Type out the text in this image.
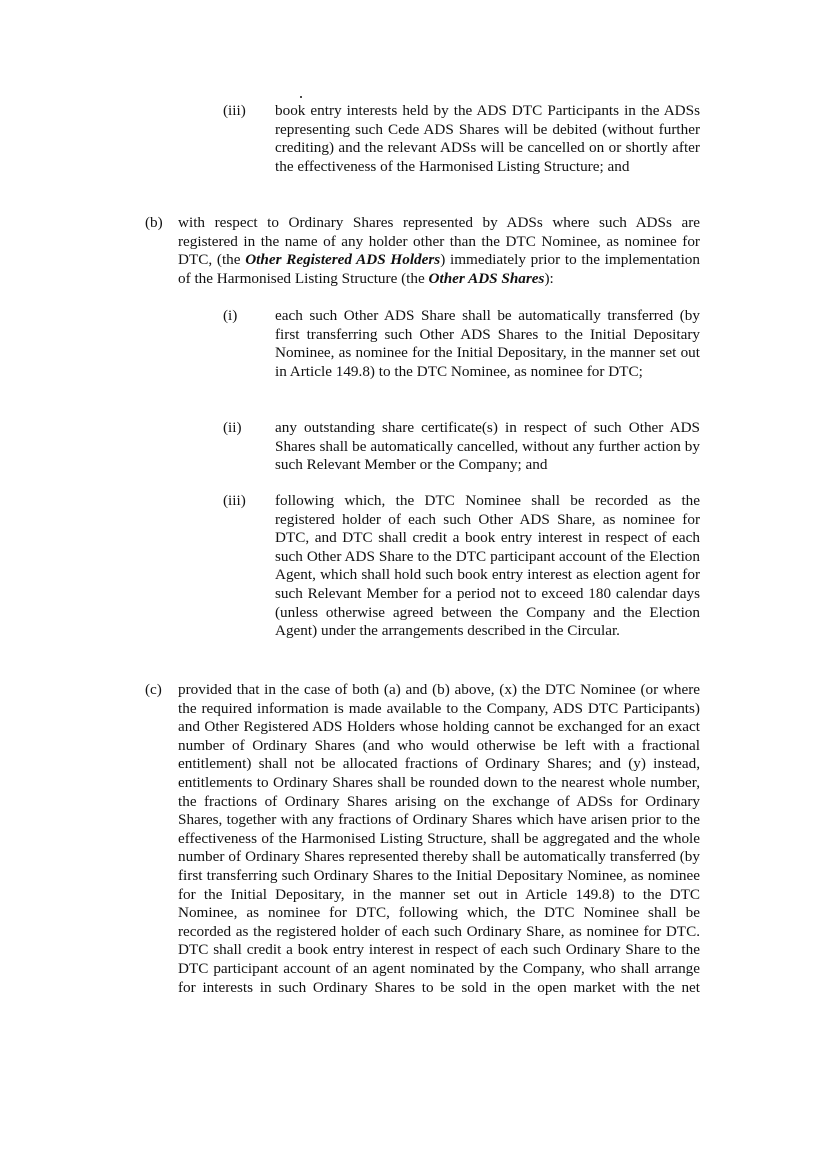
(iii) book entry interests held by the ADS DTC Participants in the ADSs representing such Cede ADS Shares will be debited (without further crediting) and the relevant ADSs will be cancelled on or shortly after the effectiveness of the Harmonised Listing Structure; and

(b) with respect to Ordinary Shares represented by ADSs where such ADSs are registered in the name of any holder other than the DTC Nominee, as nominee for DTC, (the Other Registered ADS Holders) immediately prior to the implementation of the Harmonised Listing Structure (the Other ADS Shares):

(i) each such Other ADS Share shall be automatically transferred (by first transferring such Other ADS Shares to the Initial Depositary Nominee, as nominee for the Initial Depositary, in the manner set out in Article 149.8) to the DTC Nominee, as nominee for DTC;

(ii) any outstanding share certificate(s) in respect of such Other ADS Shares shall be automatically cancelled, without any further action by such Relevant Member or the Company; and

(iii) following which, the DTC Nominee shall be recorded as the registered holder of each such Other ADS Share, as nominee for DTC, and DTC shall credit a book entry interest in respect of each such Other ADS Share to the DTC participant account of the Election Agent, which shall hold such book entry interest as election agent for such Relevant Member for a period not to exceed 180 calendar days (unless otherwise agreed between the Company and the Election Agent) under the arrangements described in the Circular.

(c) provided that in the case of both (a) and (b) above, (x) the DTC Nominee (or where the required information is made available to the Company, ADS DTC Participants) and Other Registered ADS Holders whose holding cannot be exchanged for an exact number of Ordinary Shares (and who would otherwise be left with a fractional entitlement) shall not be allocated fractions of Ordinary Shares; and (y) instead, entitlements to Ordinary Shares shall be rounded down to the nearest whole number, the fractions of Ordinary Shares arising on the exchange of ADSs for Ordinary Shares, together with any fractions of Ordinary Shares which have arisen prior to the effectiveness of the Harmonised Listing Structure, shall be aggregated and the whole number of Ordinary Shares represented thereby shall be automatically transferred (by first transferring such Ordinary Shares to the Initial Depositary Nominee, as nominee for the Initial Depositary, in the manner set out in Article 149.8) to the DTC Nominee, as nominee for DTC, following which, the DTC Nominee shall be recorded as the registered holder of each such Ordinary Share, as nominee for DTC. DTC shall credit a book entry interest in respect of each such Ordinary Share to the DTC participant account of an agent nominated by the Company, who shall arrange for interests in such Ordinary Shares to be sold in the open market with the net
